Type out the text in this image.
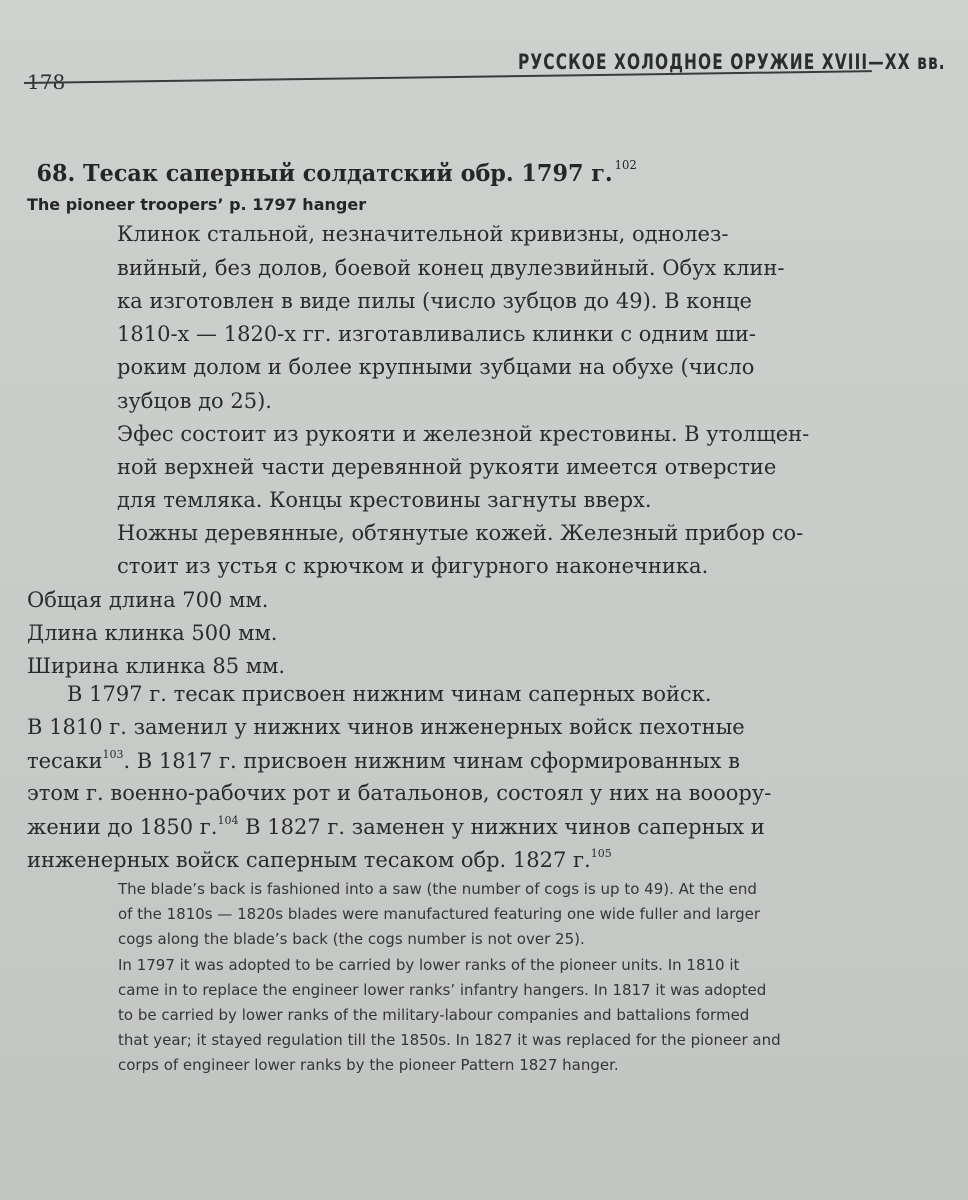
РУССКОЕ ХОЛОДНОЕ ОРУЖИЕ XVIII—XX вв.
178
68. Тесак саперный солдатский обр. 1797 г. $^{102}$
The pioneer troopers’ p. 1797 hanger
Клинок стальной, незначительной кривизны, однолез-
вийный, без долов, боевой конец двулезвийный. Обух клин-
ка изготовлен в виде пилы (число зубцов до 49). В конце
1810-х — 1820-х гг. изготавливались клинки с одним ши-
роким долом и более крупными зубцами на обухе (число
зубцов до 25).
Эфес состоит из рукояти и железной крестовины. В утолщен-
ной верхней части деревянной рукояти имеется отверстие
для темляка. Концы крестовины загнуты вверх.
Ножны деревянные, обтянутые кожей. Железный прибор со-
стоит из устья с крючком и фигурного наконечника.
Общая длина 700 мм.
Длина клинка 500 мм.
Ширина клинка 85 мм.
В 1797 г. тесак присвоен нижним чинам саперных войск.
В 1810 г. заменил у нижних чинов инженерных войск пехотные
тесаки$^{103}$. В 1817 г. присвоен нижним чинам сформированных в
этом г. военно-рабочих рот и батальонов, состоял у них на вооору-
жении до 1850 г.$^{104}$ В 1827 г. заменен у нижних чинов саперных и
инженерных войск саперным тесаком обр. 1827 г.$^{105}$
The blade’s back is fashioned into a saw (the number of cogs is up to 49). At the end
of the 1810s — 1820s blades were manufactured featuring one wide fuller and larger
cogs along the blade’s back (the cogs number is not over 25).
In 1797 it was adopted to be carried by lower ranks of the pioneer units. In 1810 it
came in to replace the engineer lower ranks’ infantry hangers. In 1817 it was adopted
to be carried by lower ranks of the military-labour companies and battalions formed
that year; it stayed regulation till the 1850s. In 1827 it was replaced for the pioneer and
corps of engineer lower ranks by the pioneer Pattern 1827 hanger.
